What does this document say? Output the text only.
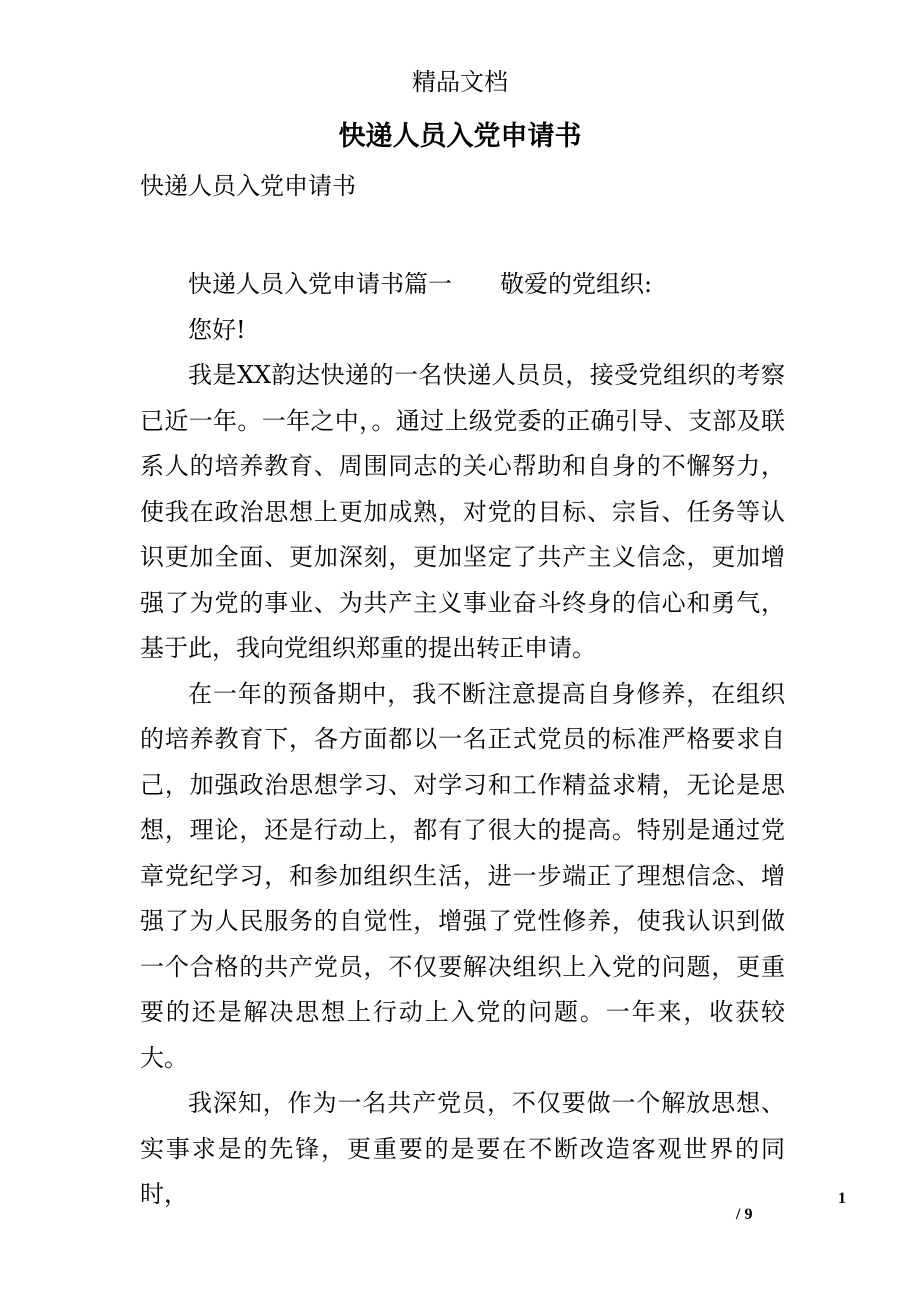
精品文档
快递人员入党申请书
快递人员入党申请书

快递人员入党申请书篇一 敬爱的党组织:

您好!

我是XX韵达快递的一名快递人员员，接受党组织的考察已近一年。一年之中，。通过上级党委的正确引导、支部及联系人的培养教育、周围同志的关心帮助和自身的不懈努力，使我在政治思想上更加成熟，对党的目标、宗旨、任务等认识更加全面、更加深刻，更加坚定了共产主义信念，更加增强了为党的事业、为共产主义事业奋斗终身的信心和勇气，基于此，我向党组织郑重的提出转正申请。

在一年的预备期中，我不断注意提高自身修养，在组织的培养教育下，各方面都以一名正式党员的标准严格要求自己，加强政治思想学习、对学习和工作精益求精，无论是思想，理论，还是行动上，都有了很大的提高。特别是通过党章党纪学习，和参加组织生活，进一步端正了理想信念、增强了为人民服务的自觉性，增强了党性修养，使我认识到做一个合格的共产党员，不仅要解决组织上入党的问题，更重要的还是解决思想上行动上入党的问题。一年来，收获较大。

我深知，作为一名共产党员，不仅要做一个解放思想、实事求是的先锋，更重要的是要在不断改造客观世界的同时，	1
/ 9
